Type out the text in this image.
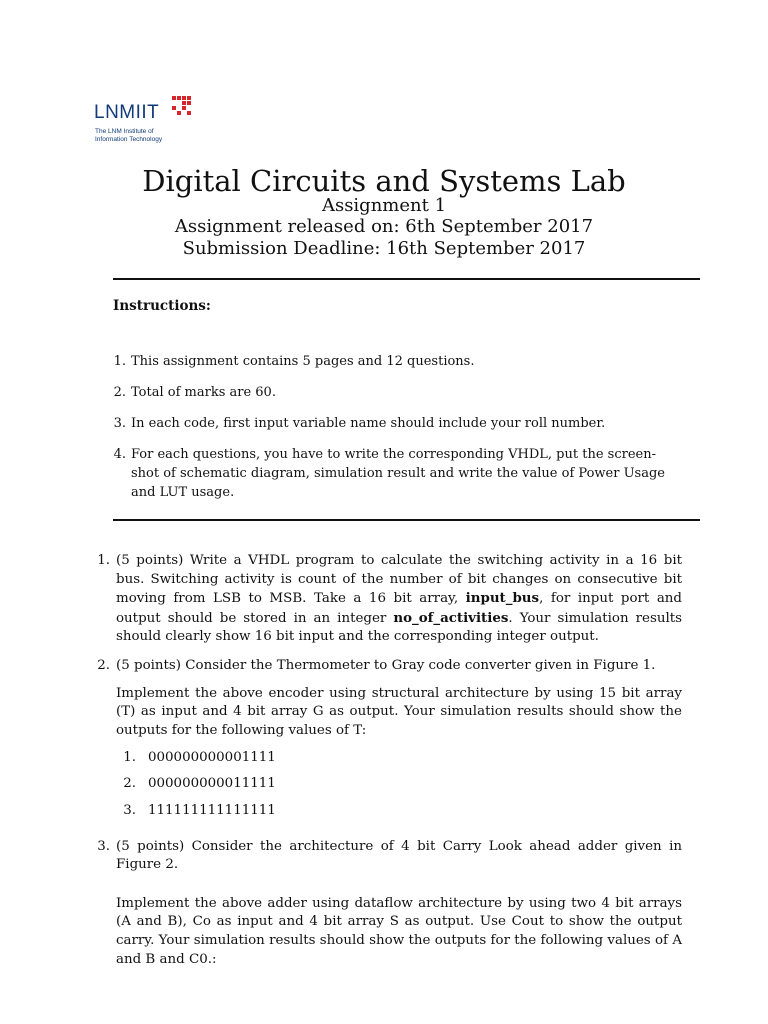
LNMIIT
The LNM Institute of
Information Technology
Digital Circuits and Systems Lab
Assignment 1
Assignment released on: 6th September 2017
Submission Deadline: 16th September 2017
Instructions:
1. This assignment contains 5 pages and 12 questions.
2. Total of marks are 60.
3. In each code, first input variable name should include your roll number.
4. For each questions, you have to write the corresponding VHDL, put the screen-shot of schematic diagram, simulation result and write the value of Power Usage and LUT usage.
1. (5 points) Write a VHDL program to calculate the switching activity in a 16 bit bus. Switching activity is count of the number of bit changes on consecutive bit moving from LSB to MSB. Take a 16 bit array, input_bus, for input port and output should be stored in an integer no_of_activities. Your simulation results should clearly show 16 bit input and the corresponding integer output.
2. (5 points) Consider the Thermometer to Gray code converter given in Figure 1.

Implement the above encoder using structural architecture by using 15 bit array (T) as input and 4 bit array G as output. Your simulation results should show the outputs for the following values of T:

1. 000000000001111
2. 000000000011111
3. 111111111111111
3. (5 points) Consider the architecture of 4 bit Carry Look ahead adder given in Figure 2.

Implement the above adder using dataflow architecture by using two 4 bit arrays (A and B), Co as input and 4 bit array S as output. Use Cout to show the output carry. Your simulation results should show the outputs for the following values of A and B and C0.:
